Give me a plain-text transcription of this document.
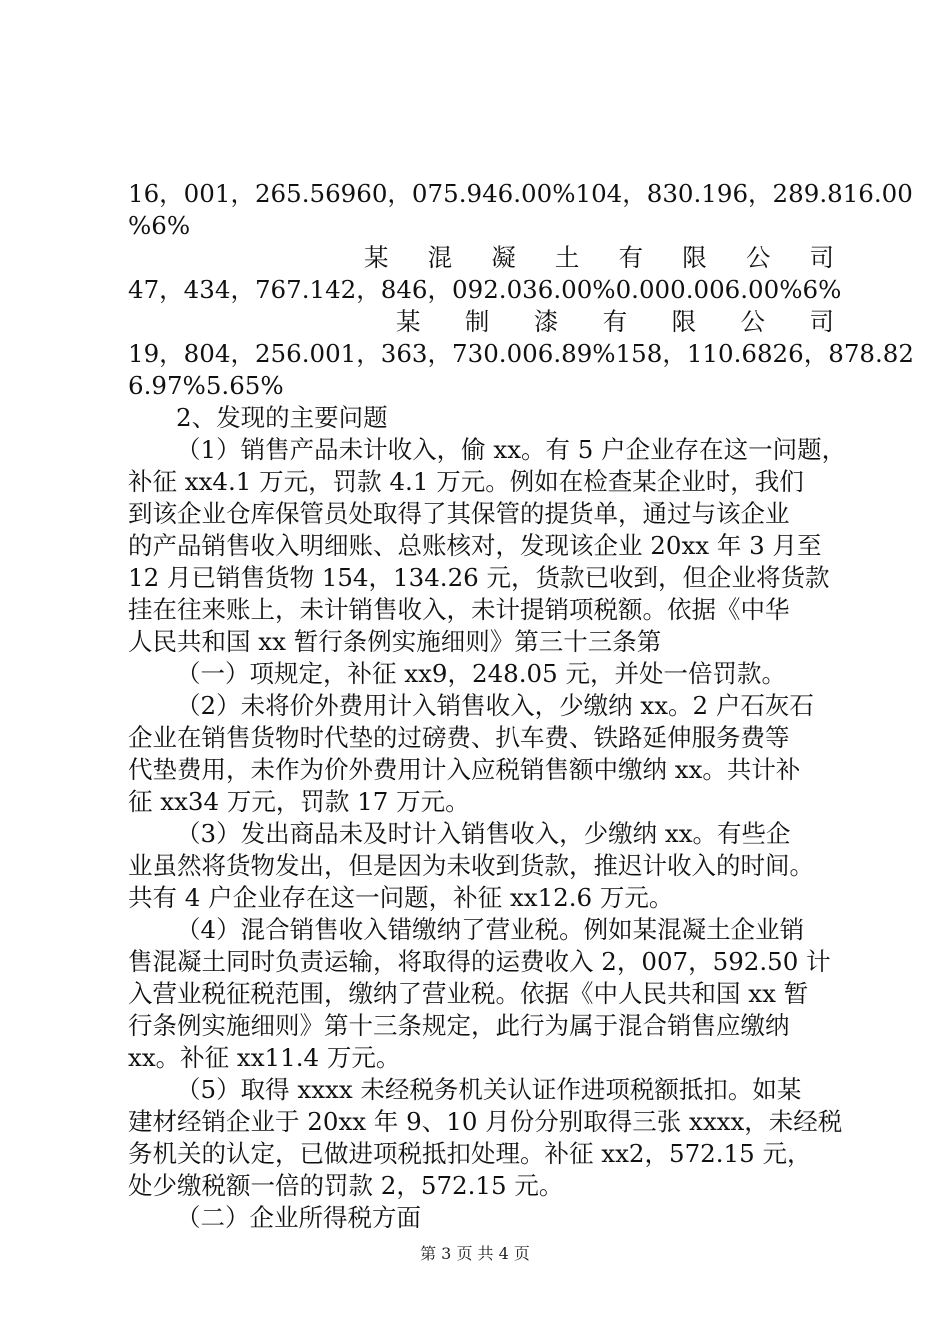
16，001，265.56960，075.946.00%104，830.196，289.816.00
%6%
某 混 凝 土 有 限 公 司
47，434，767.142，846，092.036.00%0.000.006.00%6%
某 制 漆 有 限 公 司
19，804，256.001，363，730.006.89%158，110.6826，878.82
6.97%5.65%
2、发现的主要问题
（1）销售产品未计收入，偷 xx。有 5 户企业存在这一问题，
补征 xx4.1 万元，罚款 4.1 万元。例如在检查某企业时，我们
到该企业仓库保管员处取得了其保管的提货单，通过与该企业
的产品销售收入明细账、总账核对，发现该企业 20xx 年 3 月至
12 月已销售货物 154，134.26 元，货款已收到，但企业将货款
挂在往来账上，未计销售收入，未计提销项税额。依据《中华
人民共和国 xx 暂行条例实施细则》第三十三条第
（一）项规定，补征 xx9，248.05 元，并处一倍罚款。
（2）未将价外费用计入销售收入，少缴纳 xx。2 户石灰石
企业在销售货物时代垫的过磅费、扒车费、铁路延伸服务费等
代垫费用，未作为价外费用计入应税销售额中缴纳 xx。共计补
征 xx34 万元，罚款 17 万元。
（3）发出商品未及时计入销售收入，少缴纳 xx。有些企
业虽然将货物发出，但是因为未收到货款，推迟计收入的时间。
共有 4 户企业存在这一问题，补征 xx12.6 万元。
（4）混合销售收入错缴纳了营业税。例如某混凝土企业销
售混凝土同时负责运输，将取得的运费收入 2，007，592.50 计
入营业税征税范围，缴纳了营业税。依据《中人民共和国 xx 暂
行条例实施细则》第十三条规定，此行为属于混合销售应缴纳
xx。补征 xx11.4 万元。
（5）取得 xxxx 未经税务机关认证作进项税额抵扣。如某
建材经销企业于 20xx 年 9、10 月份分别取得三张 xxxx，未经税
务机关的认定，已做进项税抵扣处理。补征 xx2，572.15 元，
处少缴税额一倍的罚款 2，572.15 元。
（二）企业所得税方面
第 3 页 共 4 页
